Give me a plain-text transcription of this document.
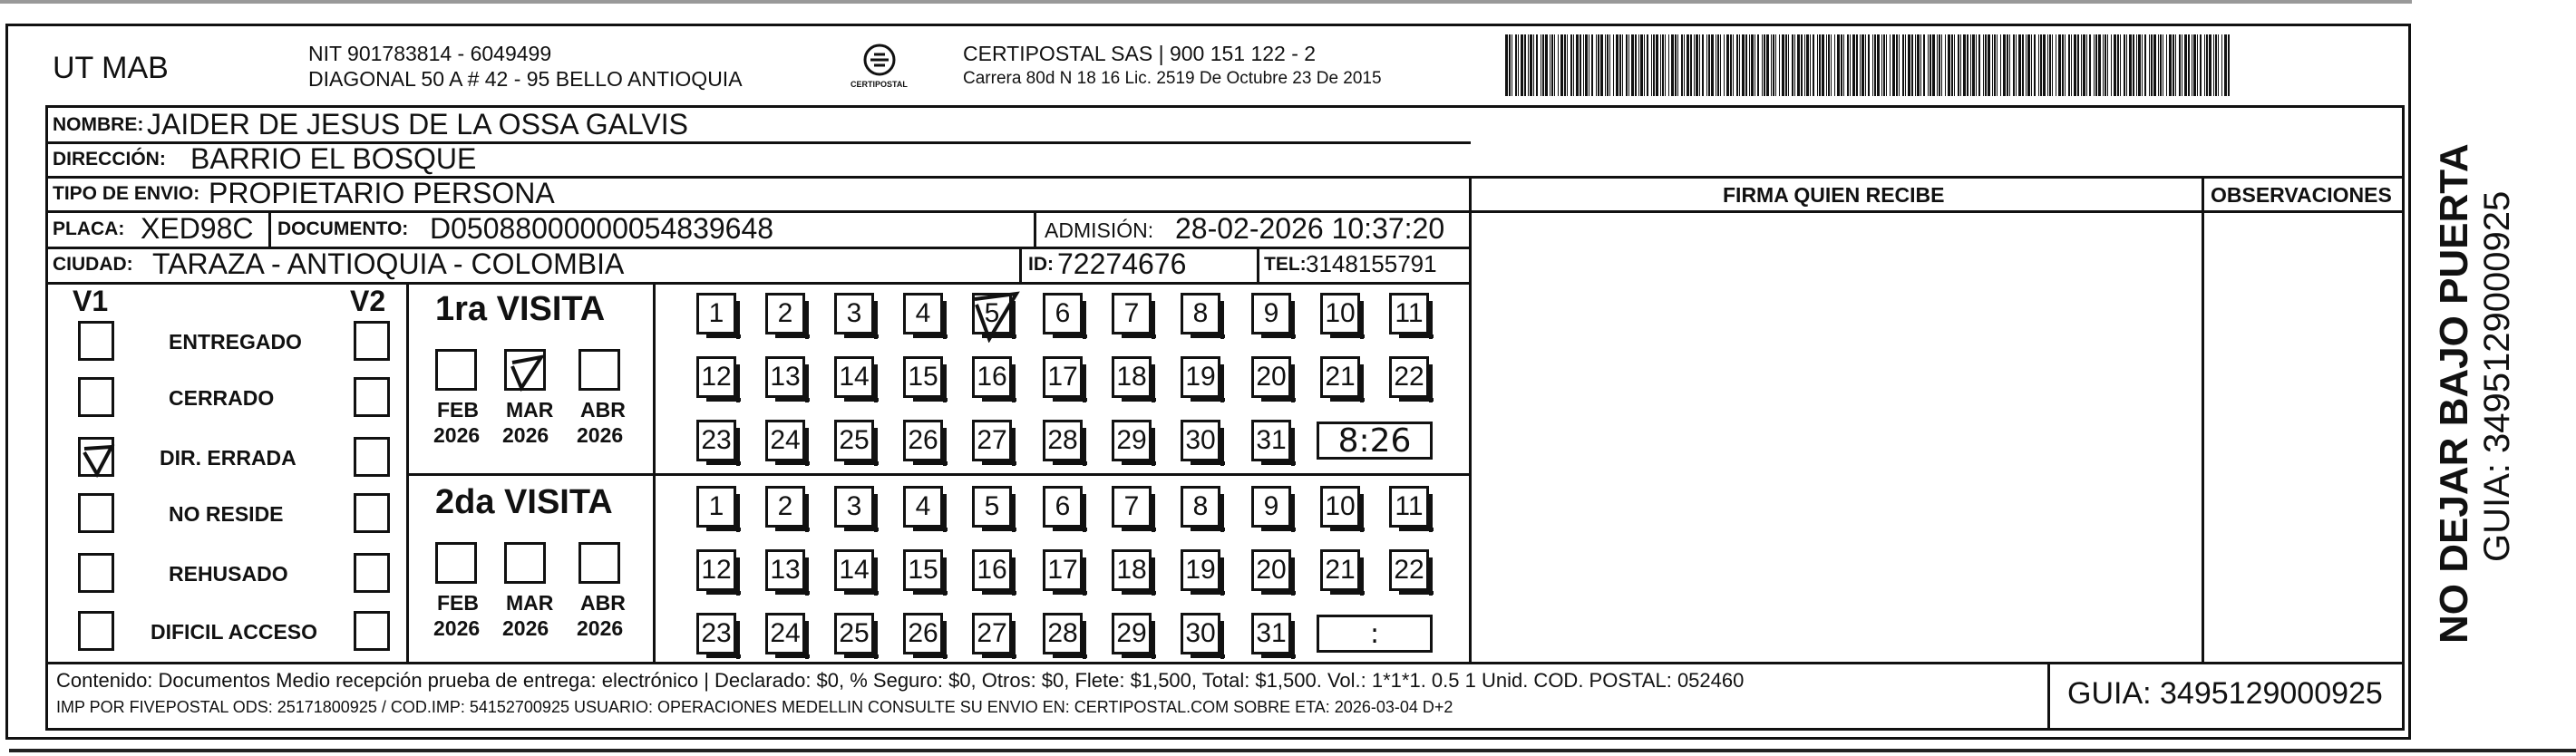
UT MAB	NIT 901783814 - 6049499
DIAGONAL 50 A # 42 - 95 BELLO ANTIOQUIA	CERTIPOSTAL
CERTIPOSTAL SAS | 900 151 122 - 2
Carrera 80d N 18 16 Lic. 2519 De Octubre 23 De 2015
NOMBRE: JAIDER DE JESUS DE LA OSSA GALVIS
DIRECCIÓN: BARRIO EL BOSQUE
TIPO DE ENVIO: PROPIETARIO PERSONA
PLACA: XED98C DOCUMENTO: D05088000000054839648	ADMISIÓN: 28-02-2026 10:37:20
CIUDAD: TARAZA - ANTIOQUIA - COLOMBIA	ID: 72274676	TEL: 3148155791
FIRMA QUIEN RECIBE	OBSERVACIONES
V1	V2
ENTREGADO
CERRADO
DIR. ERRADA
NO RESIDE
REHUSADO
DIFICIL ACCESO
1ra VISITA
2da VISITA
FEB
2026
MAR
2026
ABR
2026
1 2 3 4 5 6 7 8 9 10 11
12 13 14 15 16 17 18 19 20 21 22
23 24 25 26 27 28 29 30 31	8:26
FEB
2026
MAR
2026
ABR
2026
1 2 3 4 5 6 7 8 9 10 11
12 13 14 15 16 17 18 19 20 21 22
23 24 25 26 27 28 29 30 31	:
Contenido: Documentos Medio recepción prueba de entrega: electrónico | Declarado: $0, % Seguro: $0, Otros: $0, Flete: $1,500, Total: $1,500. Vol.: 1*1*1. 0.5 1 Unid. COD. POSTAL: 052460
IMP POR FIVEPOSTAL ODS: 25171800925 / COD.IMP: 54152700925 USUARIO: OPERACIONES MEDELLIN CONSULTE SU ENVIO EN: CERTIPOSTAL.COM SOBRE ETA: 2026-03-04 D+2	GUIA: 3495129000925
NO DEJAR BAJO PUERTA GUIA: 3495129000925
